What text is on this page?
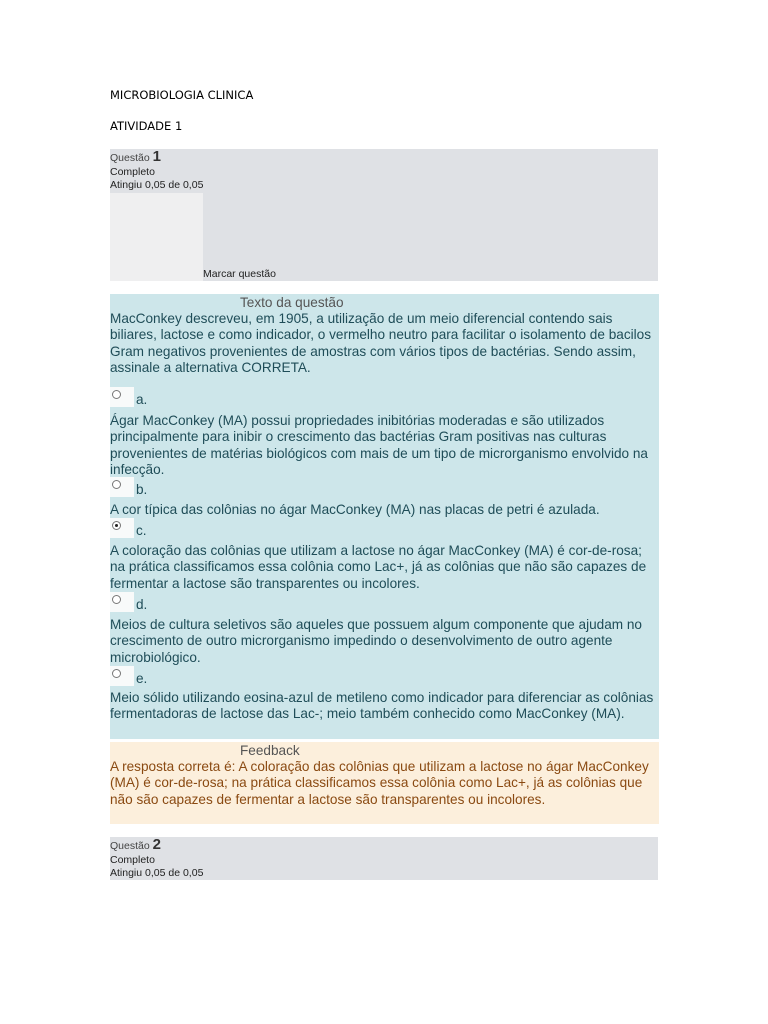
MICROBIOLOGIA CLINICA
ATIVIDADE 1
Questão 1
Completo
Atingiu 0,05 de 0,05
Marcar questão
Texto da questão
MacConkey descreveu, em 1905, a utilização de um meio diferencial contendo sais biliares, lactose e como indicador, o vermelho neutro para facilitar o isolamento de bacilos Gram negativos provenientes de amostras com vários tipos de bactérias. Sendo assim, assinale a alternativa CORRETA.
a.
Ágar MacConkey (MA) possui propriedades inibitórias moderadas e são utilizados principalmente para inibir o crescimento das bactérias Gram positivas nas culturas provenientes de matérias biológicos com mais de um tipo de microrganismo envolvido na infecção.
b.
A cor típica das colônias no ágar MacConkey (MA) nas placas de petri é azulada.
c.
A coloração das colônias que utilizam a lactose no ágar MacConkey (MA) é cor-de-rosa; na prática classificamos essa colônia como Lac+, já as colônias que não são capazes de fermentar a lactose são transparentes ou incolores.
d.
Meios de cultura seletivos são aqueles que possuem algum componente que ajudam no crescimento de outro microrganismo impedindo o desenvolvimento de outro agente microbiológico.
e.
Meio sólido utilizando eosina-azul de metileno como indicador para diferenciar as colônias fermentadoras de lactose das Lac-; meio também conhecido como MacConkey (MA).
Feedback
A resposta correta é: A coloração das colônias que utilizam a lactose no ágar MacConkey (MA) é cor-de-rosa; na prática classificamos essa colônia como Lac+, já as colônias que não são capazes de fermentar a lactose são transparentes ou incolores.
Questão 2
Completo
Atingiu 0,05 de 0,05
